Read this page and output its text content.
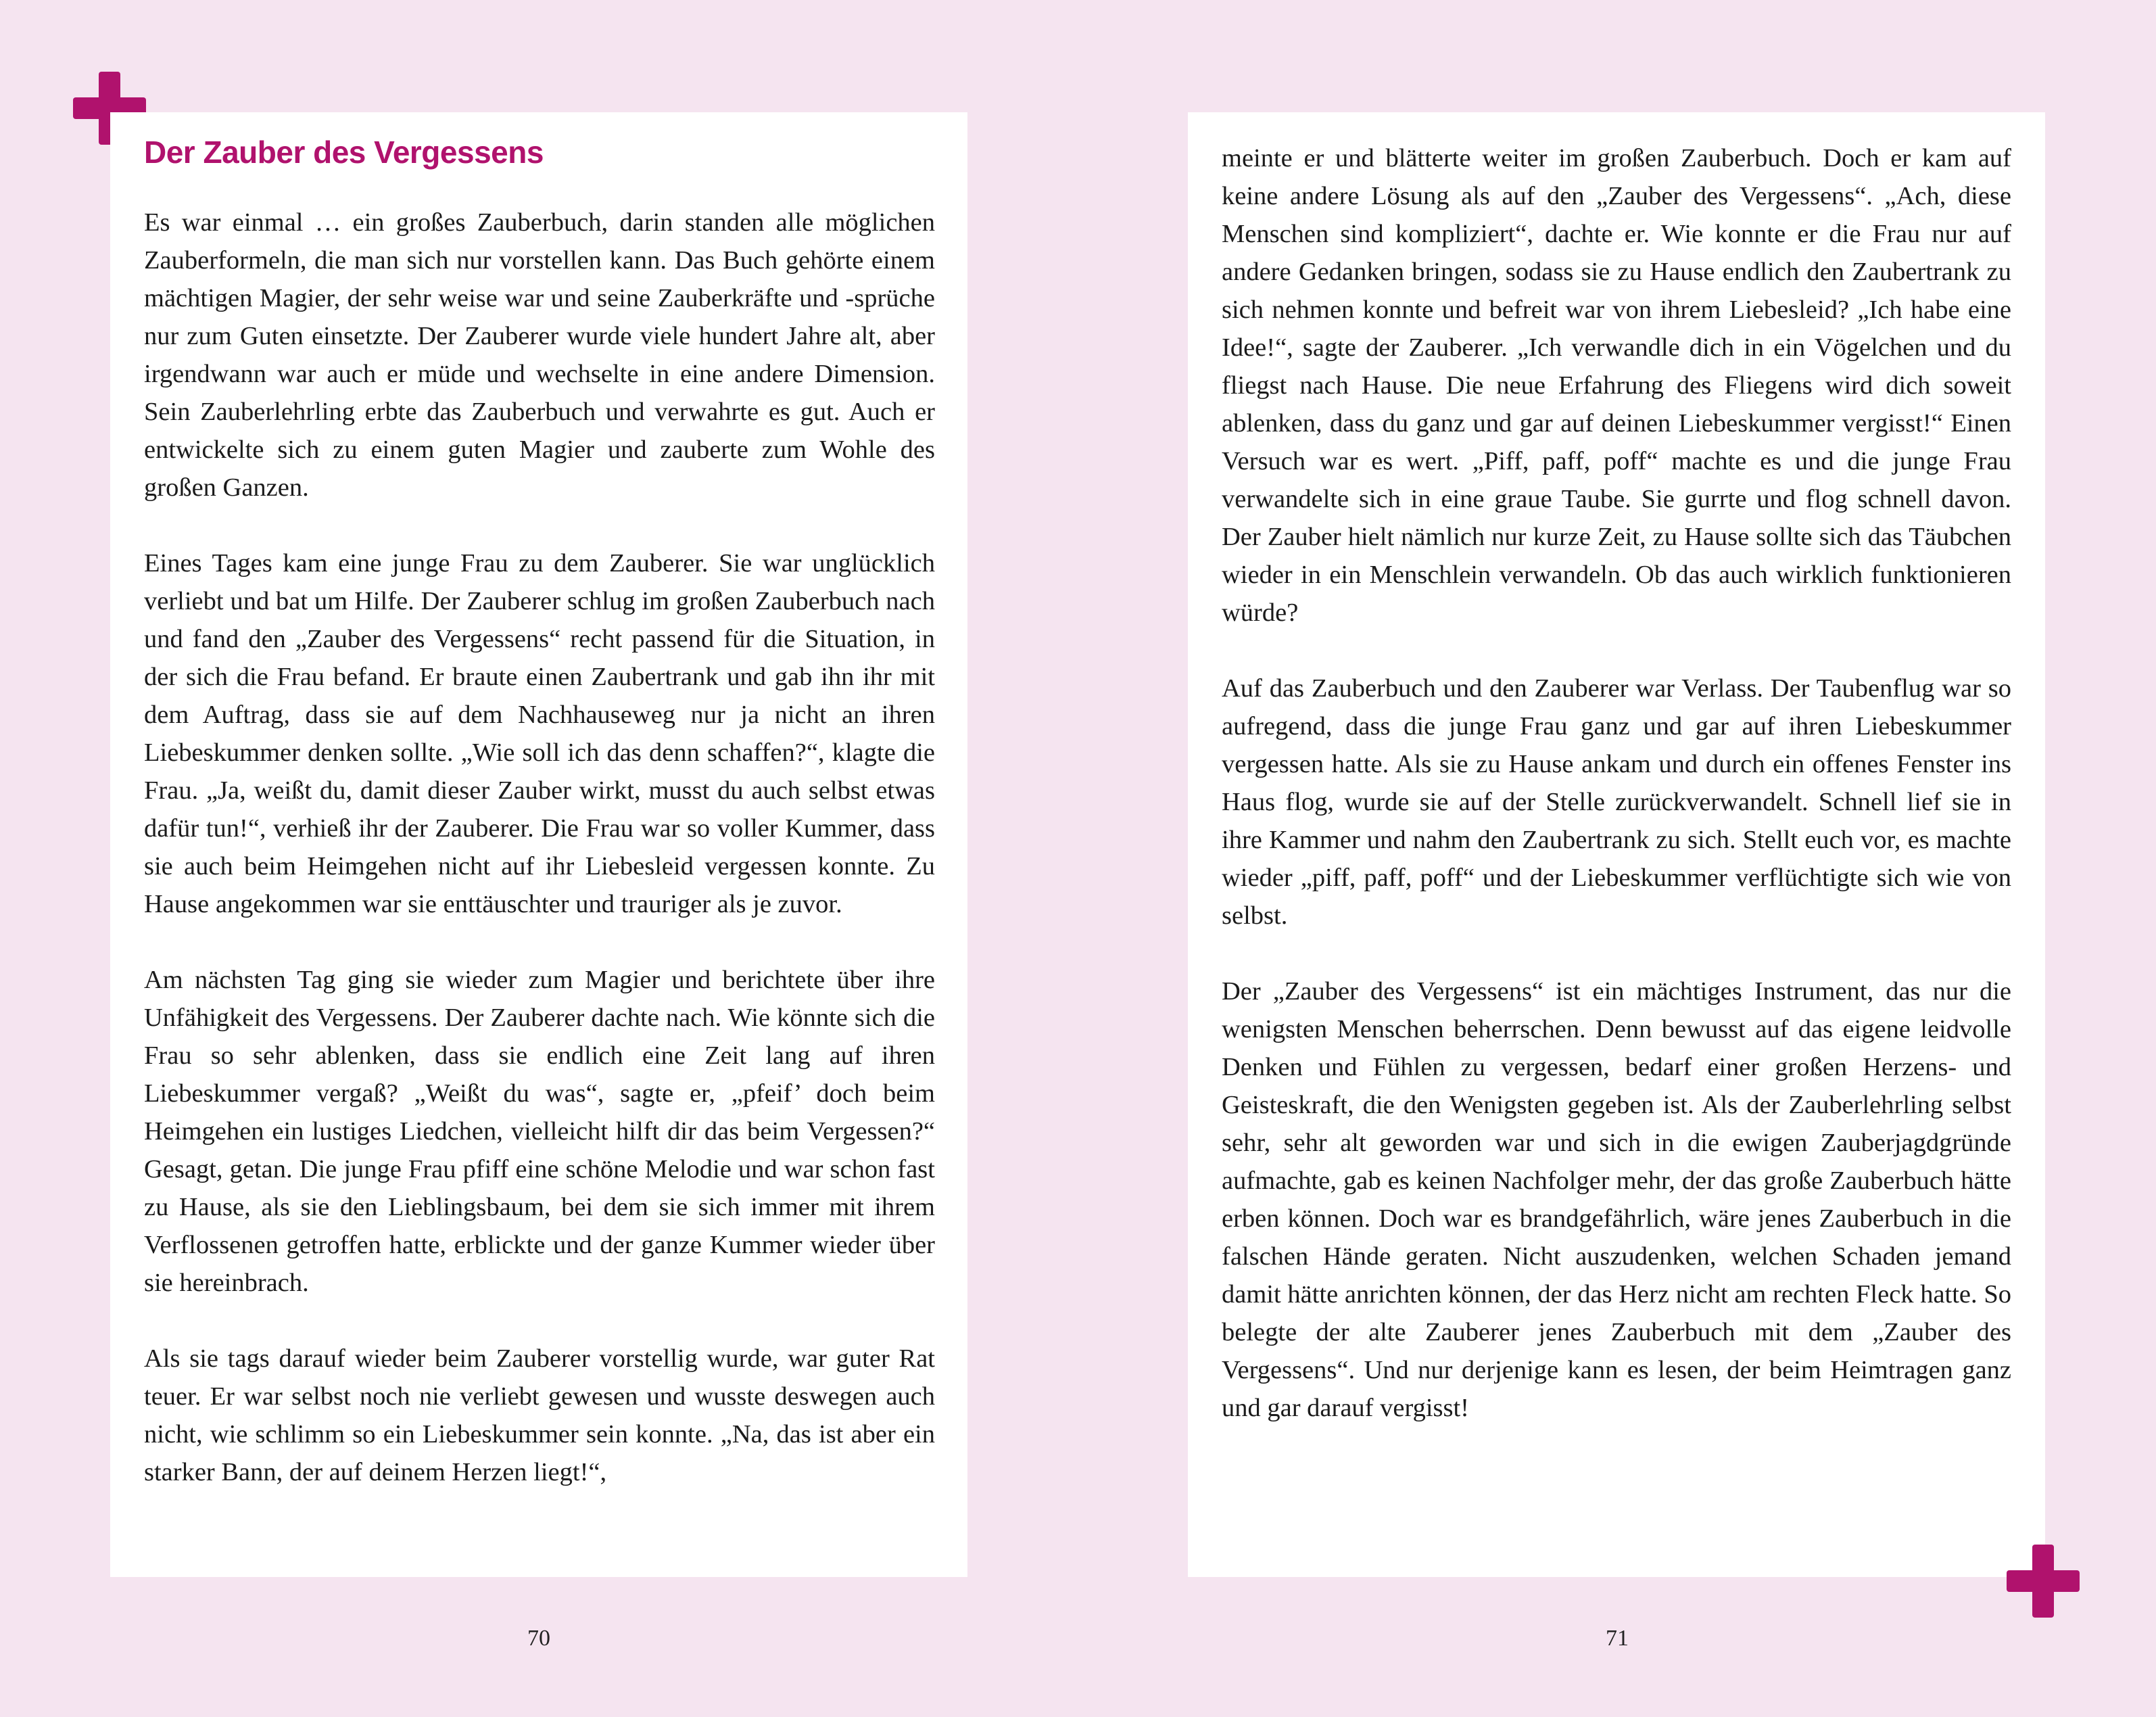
Der Zauber des Vergessens

Es war einmal … ein großes Zauberbuch, darin standen alle möglichen Zauberformeln, die man sich nur vorstellen kann. Das Buch gehörte einem mächtigen Magier, der sehr weise war und seine Zauberkräfte und -sprüche nur zum Guten einsetzte. Der Zauberer wurde viele hundert Jahre alt, aber irgendwann war auch er müde und wechselte in eine andere Dimension. Sein Zauberlehrling erbte das Zauberbuch und verwahrte es gut. Auch er entwickelte sich zu einem guten Magier und zauberte zum Wohle des großen Ganzen.

Eines Tages kam eine junge Frau zu dem Zauberer. Sie war unglücklich verliebt und bat um Hilfe. Der Zauberer schlug im großen Zauberbuch nach und fand den „Zauber des Vergessens“ recht passend für die Situation, in der sich die Frau befand. Er braute einen Zaubertrank und gab ihn ihr mit dem Auftrag, dass sie auf dem Nachhauseweg nur ja nicht an ihren Liebeskummer denken sollte. „Wie soll ich das denn schaffen?“, klagte die Frau. „Ja, weißt du, damit dieser Zauber wirkt, musst du auch selbst etwas dafür tun!“, verhieß ihr der Zauberer. Die Frau war so voller Kummer, dass sie auch beim Heimgehen nicht auf ihr Liebesleid vergessen konnte. Zu Hause angekommen war sie enttäuschter und trauriger als je zuvor.

Am nächsten Tag ging sie wieder zum Magier und berichtete über ihre Unfähigkeit des Vergessens. Der Zauberer dachte nach. Wie könnte sich die Frau so sehr ablenken, dass sie endlich eine Zeit lang auf ihren Liebeskummer vergaß? „Weißt du was“, sagte er, „pfeif’ doch beim Heimgehen ein lustiges Liedchen, vielleicht hilft dir das beim Vergessen?“ Gesagt, getan. Die junge Frau pfiff eine schöne Melodie und war schon fast zu Hause, als sie den Lieblingsbaum, bei dem sie sich immer mit ihrem Verflossenen getroffen hatte, erblickte und der ganze Kummer wieder über sie hereinbrach.

Als sie tags darauf wieder beim Zauberer vorstellig wurde, war guter Rat teuer. Er war selbst noch nie verliebt gewesen und wusste deswegen auch nicht, wie schlimm so ein Liebeskummer sein konnte. „Na, das ist aber ein starker Bann, der auf deinem Herzen liegt!“,

meinte er und blätterte weiter im großen Zauberbuch. Doch er kam auf keine andere Lösung als auf den „Zauber des Vergessens“. „Ach, diese Menschen sind kompliziert“, dachte er. Wie konnte er die Frau nur auf andere Gedanken bringen, sodass sie zu Hause endlich den Zaubertrank zu sich nehmen konnte und befreit war von ihrem Liebesleid? „Ich habe eine Idee!“, sagte der Zauberer. „Ich verwandle dich in ein Vögelchen und du fliegst nach Hause. Die neue Erfahrung des Fliegens wird dich soweit ablenken, dass du ganz und gar auf deinen Liebeskummer vergisst!“ Einen Versuch war es wert. „Piff, paff, poff“ machte es und die junge Frau verwandelte sich in eine graue Taube. Sie gurrte und flog schnell davon. Der Zauber hielt nämlich nur kurze Zeit, zu Hause sollte sich das Täubchen wieder in ein Menschlein verwandeln. Ob das auch wirklich funktionieren würde?

Auf das Zauberbuch und den Zauberer war Verlass. Der Taubenflug war so aufregend, dass die junge Frau ganz und gar auf ihren Liebeskummer vergessen hatte. Als sie zu Hause ankam und durch ein offenes Fenster ins Haus flog, wurde sie auf der Stelle zurückverwandelt. Schnell lief sie in ihre Kammer und nahm den Zaubertrank zu sich. Stellt euch vor, es machte wieder „piff, paff, poff“ und der Liebeskummer verflüchtigte sich wie von selbst.

Der „Zauber des Vergessens“ ist ein mächtiges Instrument, das nur die wenigsten Menschen beherrschen. Denn bewusst auf das eigene leidvolle Denken und Fühlen zu vergessen, bedarf einer großen Herzens- und Geisteskraft, die den Wenigsten gegeben ist. Als der Zauberlehrling selbst sehr, sehr alt geworden war und sich in die ewigen Zauberjagdgründe aufmachte, gab es keinen Nachfolger mehr, der das große Zauberbuch hätte erben können. Doch war es brandgefährlich, wäre jenes Zauberbuch in die falschen Hände geraten. Nicht auszudenken, welchen Schaden jemand damit hätte anrichten können, der das Herz nicht am rechten Fleck hatte. So belegte der alte Zauberer jenes Zauberbuch mit dem „Zauber des Vergessens“. Und nur derjenige kann es lesen, der beim Heimtragen ganz und gar darauf vergisst!

70	71
